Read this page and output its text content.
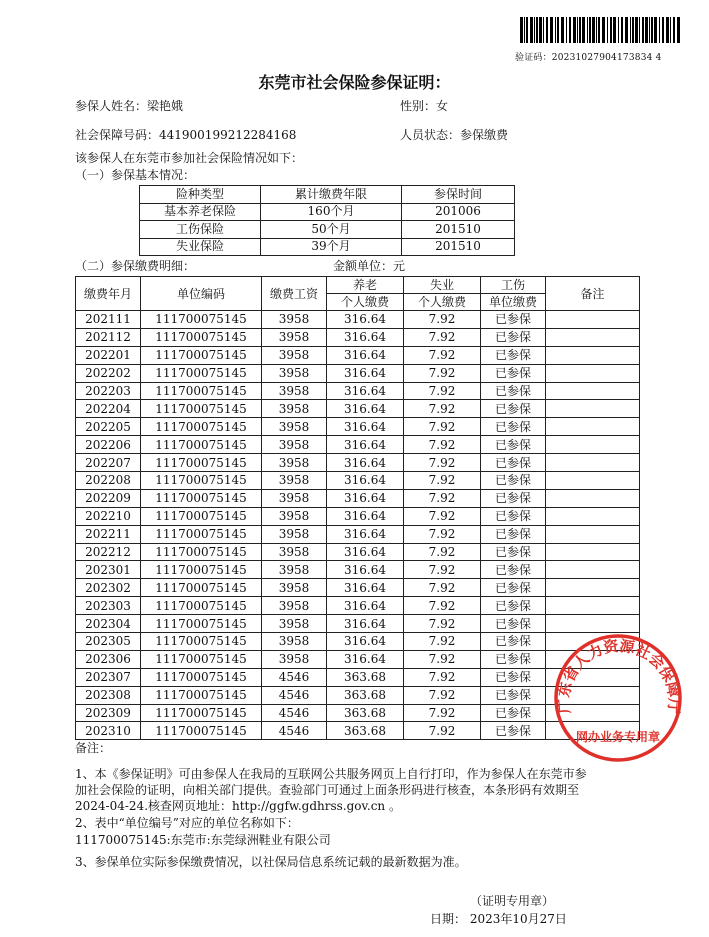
验证码：20231027904173834 4
东莞市社会保险参保证明：
参保人姓名：梁艳娥	性别：女
社会保障号码：441900199212284168	人员状态：参保缴费
该参保人在东莞市参加社会保险情况如下：
（一）参保基本情况：
险种类型	累计缴费年限	参保时间
基本养老保险	160个月	201006
工伤保险	50个月	201510
失业保险	39个月	201510
（二）参保缴费明细：	金额单位：元
缴费年月	单位编码	缴费工资	养老	失业	工伤	备注
			个人缴费	个人缴费	单位缴费	
202111	111700075145	3958	316.64	7.92	已参保	
202112	111700075145	3958	316.64	7.92	已参保	
202201	111700075145	3958	316.64	7.92	已参保	
202202	111700075145	3958	316.64	7.92	已参保	
202203	111700075145	3958	316.64	7.92	已参保	
202204	111700075145	3958	316.64	7.92	已参保	
202205	111700075145	3958	316.64	7.92	已参保	
202206	111700075145	3958	316.64	7.92	已参保	
202207	111700075145	3958	316.64	7.92	已参保	
202208	111700075145	3958	316.64	7.92	已参保	
202209	111700075145	3958	316.64	7.92	已参保	
202210	111700075145	3958	316.64	7.92	已参保	
202211	111700075145	3958	316.64	7.92	已参保	
202212	111700075145	3958	316.64	7.92	已参保	
202301	111700075145	3958	316.64	7.92	已参保	
202302	111700075145	3958	316.64	7.92	已参保	
202303	111700075145	3958	316.64	7.92	已参保	
202304	111700075145	3958	316.64	7.92	已参保	
202305	111700075145	3958	316.64	7.92	已参保	
202306	111700075145	3958	316.64	7.92	已参保	
202307	111700075145	4546	363.68	7.92	已参保	
202308	111700075145	4546	363.68	7.92	已参保	
202309	111700075145	4546	363.68	7.92	已参保	
202310	111700075145	4546	363.68	7.92	已参保	
备注：
1、本《参保证明》可由参保人在我局的互联网公共服务网页上自行打印，作为参保人在东莞市参
加社会保险的证明，向相关部门提供。查验部门可通过上面条形码进行核查，本条形码有效期至
2024-04-24.核查网页地址：http://ggfw.gdhrss.gov.cn 。
2、表中“单位编号”对应的单位名称如下：
111700075145:东莞市:东莞绿洲鞋业有限公司
3、参保单位实际参保缴费情况，以社保局信息系统记载的最新数据为准。
（证明专用章）
日期： 2023年10月27日
广东省人力资源社会保障厅
网办业务专用章
